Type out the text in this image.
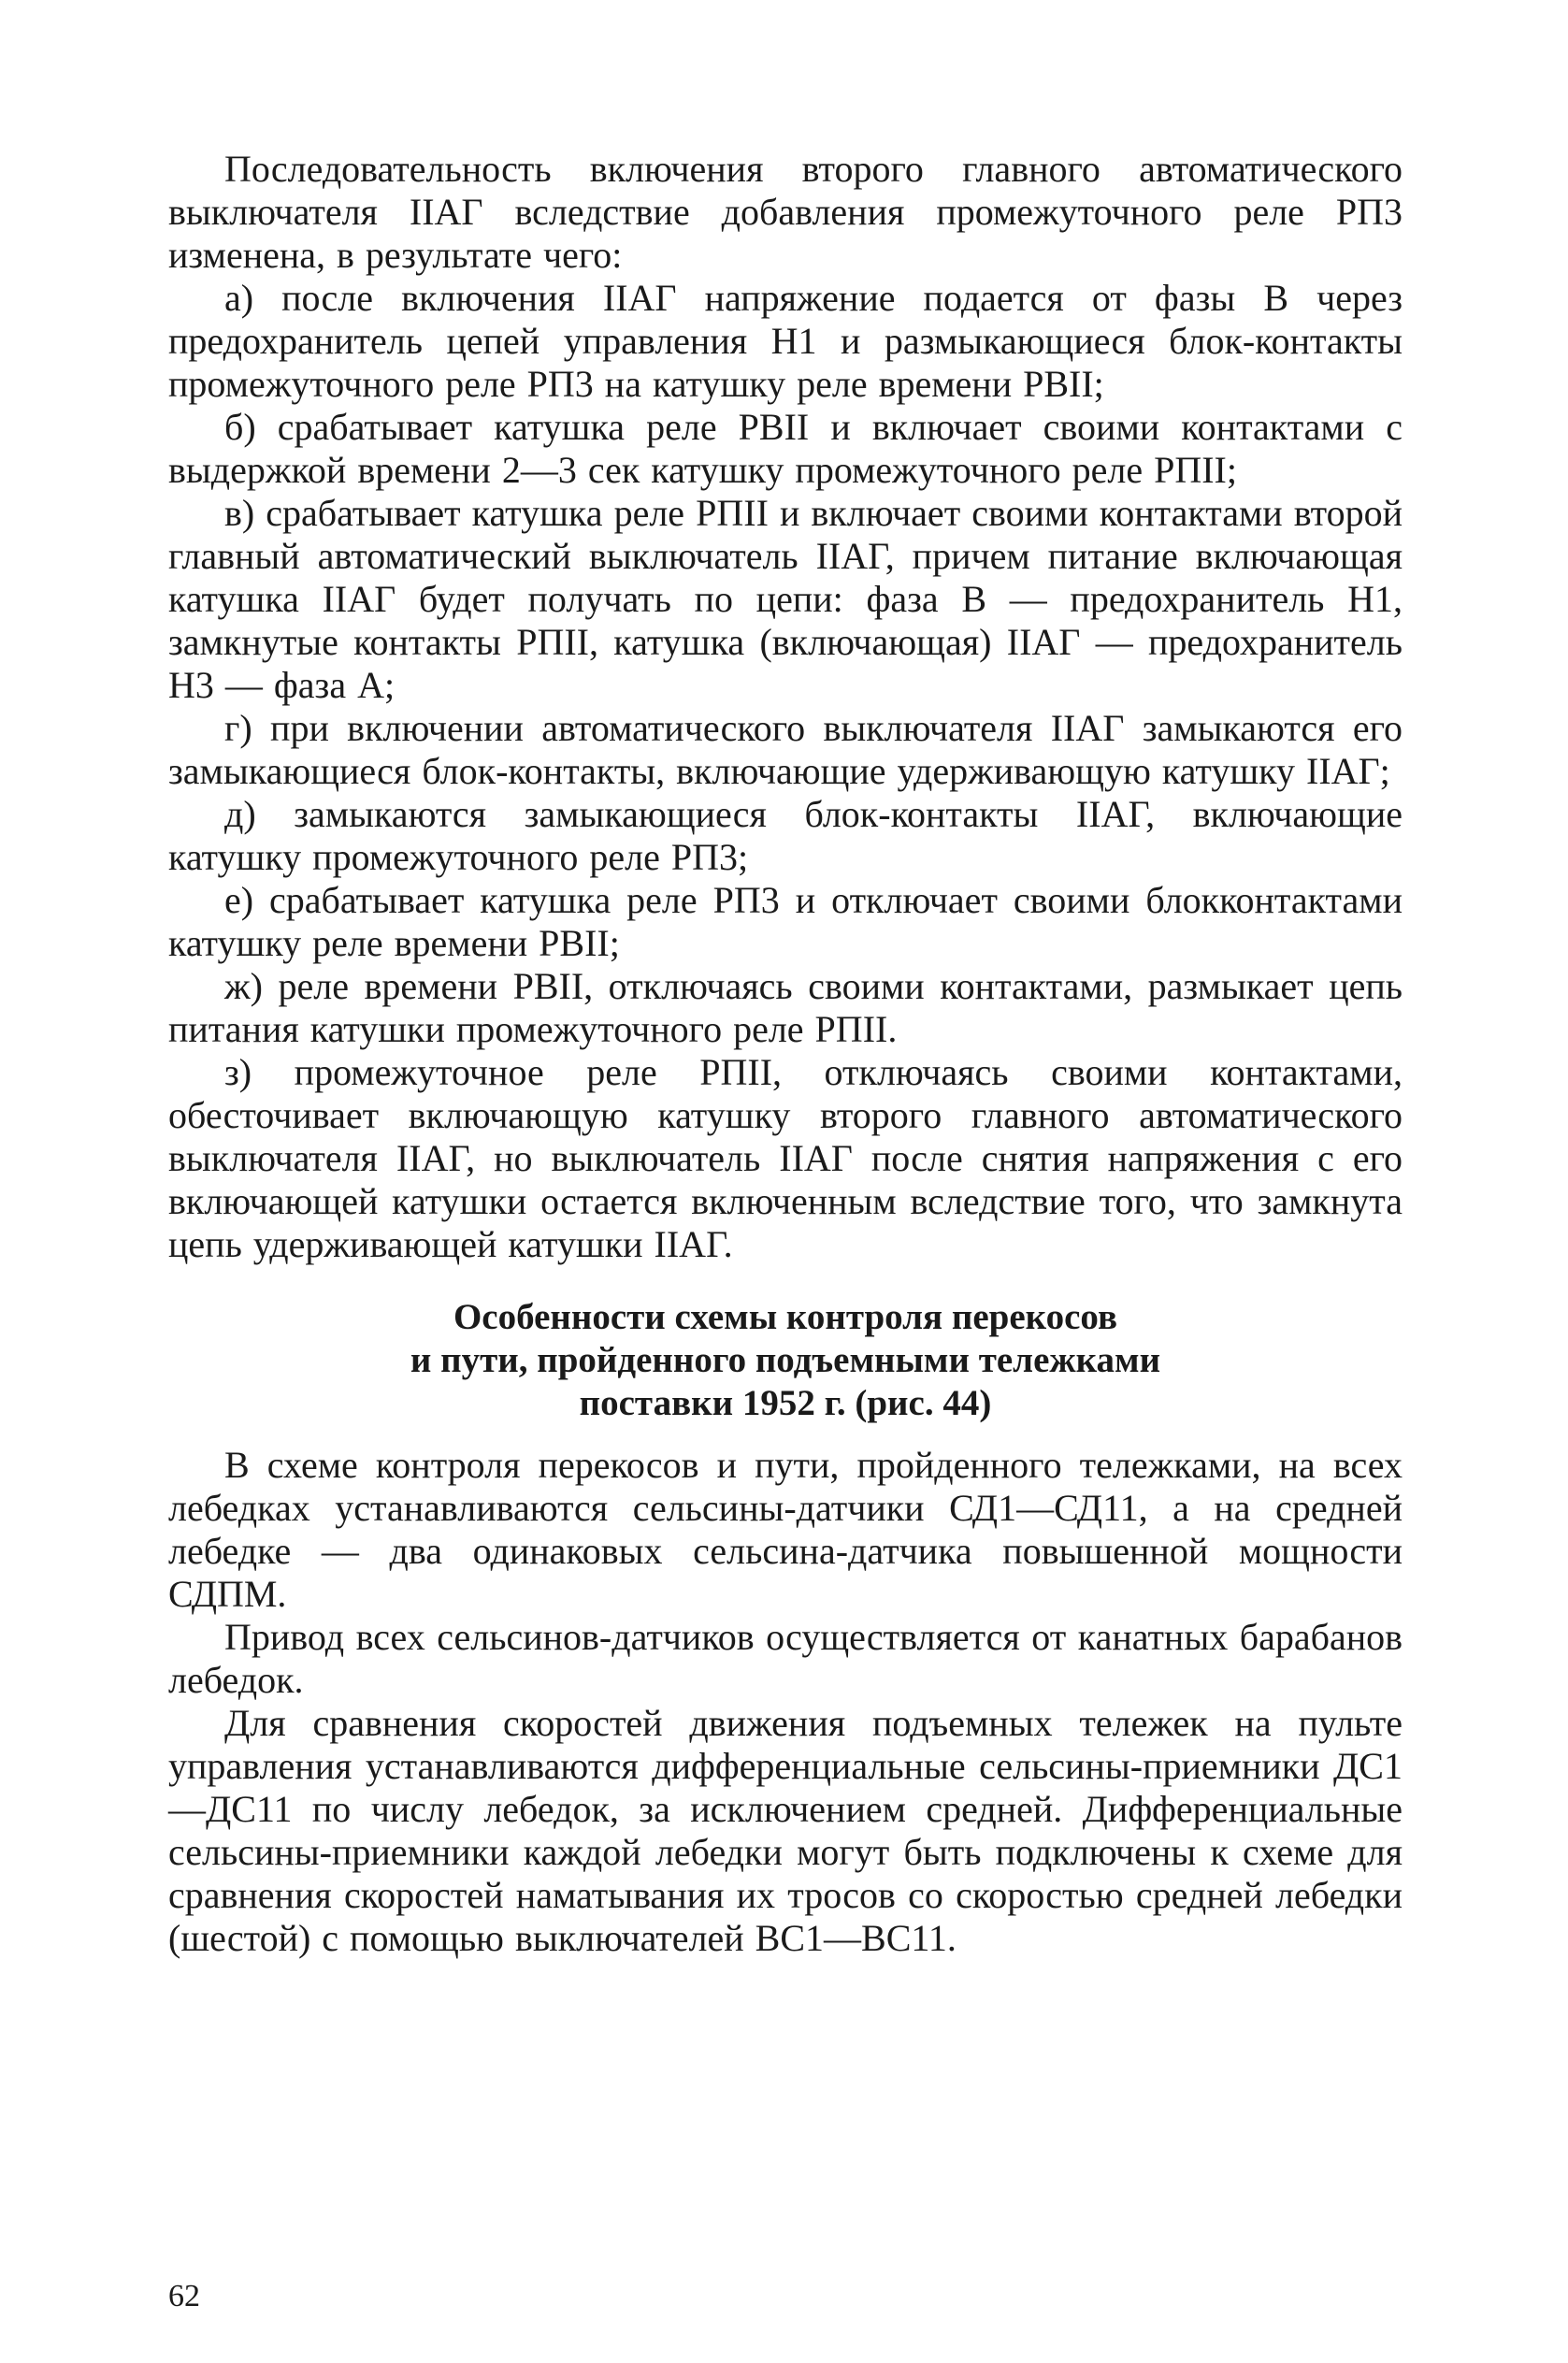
Последовательность включения второго главного автоматического выключателя IIАГ вследствие добавления промежуточного реле РП3 изменена, в результате чего:

а) после включения IIАГ напряжение подается от фазы В через предохранитель цепей управления Н1 и размыкающиеся блок-контакты промежуточного реле РП3 на катушку реле времени РВII;

б) срабатывает катушка реле РВII и включает своими контактами с выдержкой времени 2—3 сек катушку промежуточного реле РПII;

в) срабатывает катушка реле РПII и включает своими контактами второй главный автоматический выключатель IIАГ, причем питание включающая катушка IIАГ будет получать по цепи: фаза В — предохранитель Н1, замкнутые контакты РПII, катушка (включающая) IIАГ — предохранитель Н3 — фаза А;

г) при включении автоматического выключателя IIАГ замыкаются его замыкающиеся блок-контакты, включающие удерживающую катушку IIАГ;

д) замыкаются замыкающиеся блок-контакты IIАГ, включающие катушку промежуточного реле РП3;

е) срабатывает катушка реле РП3 и отключает своими блокконтактами катушку реле времени РВII;

ж) реле времени РВII, отключаясь своими контактами, размыкает цепь питания катушки промежуточного реле РПII.

з) промежуточное реле РПII, отключаясь своими контактами, обесточивает включающую катушку второго главного автоматического выключателя IIАГ, но выключатель IIАГ после снятия напряжения с его включающей катушки остается включенным вследствие того, что замкнута цепь удерживающей катушки IIАГ.

Особенности схемы контроля перекосов
и пути, пройденного подъемными тележками
поставки 1952 г. (рис. 44)

В схеме контроля перекосов и пути, пройденного тележками, на всех лебедках устанавливаются сельсины-датчики СД1—СД11, а на средней лебедке — два одинаковых сельсина-датчика повышенной мощности СДПМ.

Привод всех сельсинов-датчиков осуществляется от канатных барабанов лебедок.

Для сравнения скоростей движения подъемных тележек на пульте управления устанавливаются дифференциальные сельсины-приемники ДС1—ДС11 по числу лебедок, за исключением средней. Дифференциальные сельсины-приемники каждой лебедки могут быть подключены к схеме для сравнения скоростей наматывания их тросов со скоростью средней лебедки (шестой) с помощью выключателей ВС1—ВС11.

62
